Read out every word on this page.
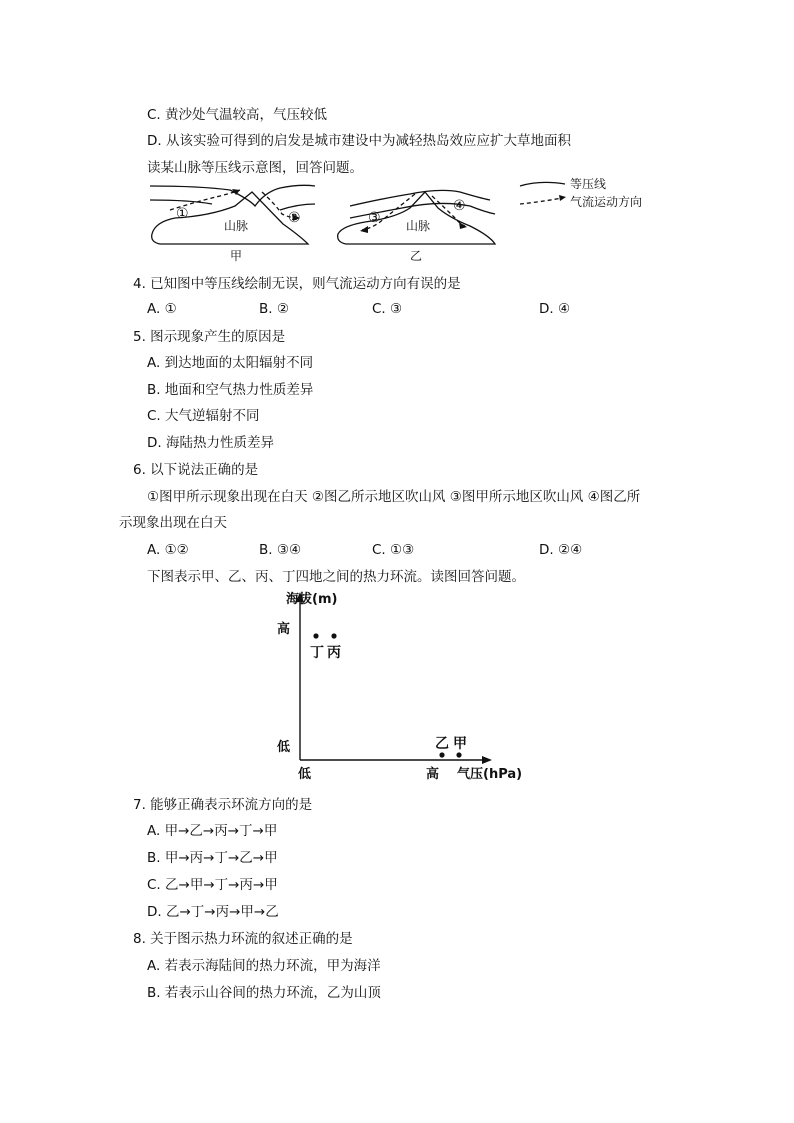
C. 黄沙处气温较高，气压较低
D. 从该实验可得到的启发是城市建设中为减轻热岛效应应扩大草地面积
读某山脉等压线示意图，回答问题。
①	②
山脉
甲
③
④
山脉
乙
等压线
气流运动方向
4. 已知图中等压线绘制无误，则气流运动方向有误的是
A. ①	B. ②	C. ③	D. ④
5. 图示现象产生的原因是
A. 到达地面的太阳辐射不同
B. 地面和空气热力性质差异
C. 大气逆辐射不同
D. 海陆热力性质差异
6. 以下说法正确的是
①图甲所示现象出现在白天 ②图乙所示地区吹山风 ③图甲所示地区吹山风 ④图乙所
示现象出现在白天
A. ①②	B. ③④	C. ①③	D. ②④
下图表示甲、乙、丙、丁四地之间的热力环流。读图回答问题。
海拔(m)
高
低
低	高 气压(hPa)
丁 丙
乙 甲
7. 能够正确表示环流方向的是
A. 甲→乙→丙→丁→甲
B. 甲→丙→丁→乙→甲
C. 乙→甲→丁→丙→甲
D. 乙→丁→丙→甲→乙
8. 关于图示热力环流的叙述正确的是
A. 若表示海陆间的热力环流，甲为海洋
B. 若表示山谷间的热力环流，乙为山顶
